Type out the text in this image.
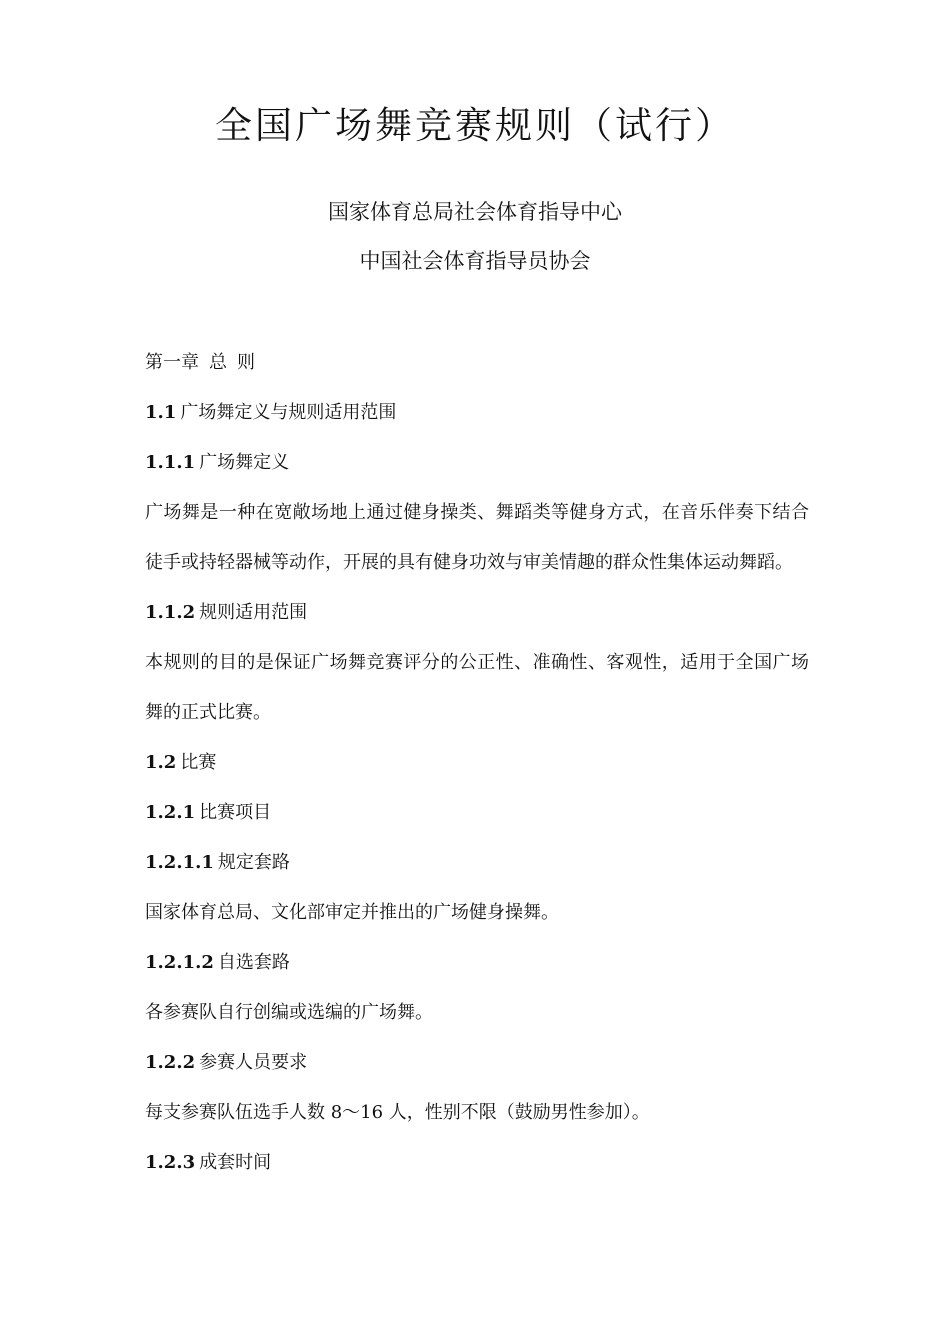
全国广场舞竞赛规则（试行）

国家体育总局社会体育指导中心

中国社会体育指导员协会

第一章 总 则

1.1 广场舞定义与规则适用范围

1.1.1 广场舞定义

广场舞是一种在宽敞场地上通过健身操类、舞蹈类等健身方式，在音乐伴奏下结合徒手或持轻器械等动作，开展的具有健身功效与审美情趣的群众性集体运动舞蹈。

1.1.2 规则适用范围

本规则的目的是保证广场舞竞赛评分的公正性、准确性、客观性，适用于全国广场舞的正式比赛。

1.2 比赛

1.2.1 比赛项目

1.2.1.1 规定套路

国家体育总局、文化部审定并推出的广场健身操舞。

1.2.1.2 自选套路

各参赛队自行创编或选编的广场舞。

1.2.2 参赛人员要求

每支参赛队伍选手人数 8～16 人，性别不限（鼓励男性参加）。

1.2.3 成套时间
